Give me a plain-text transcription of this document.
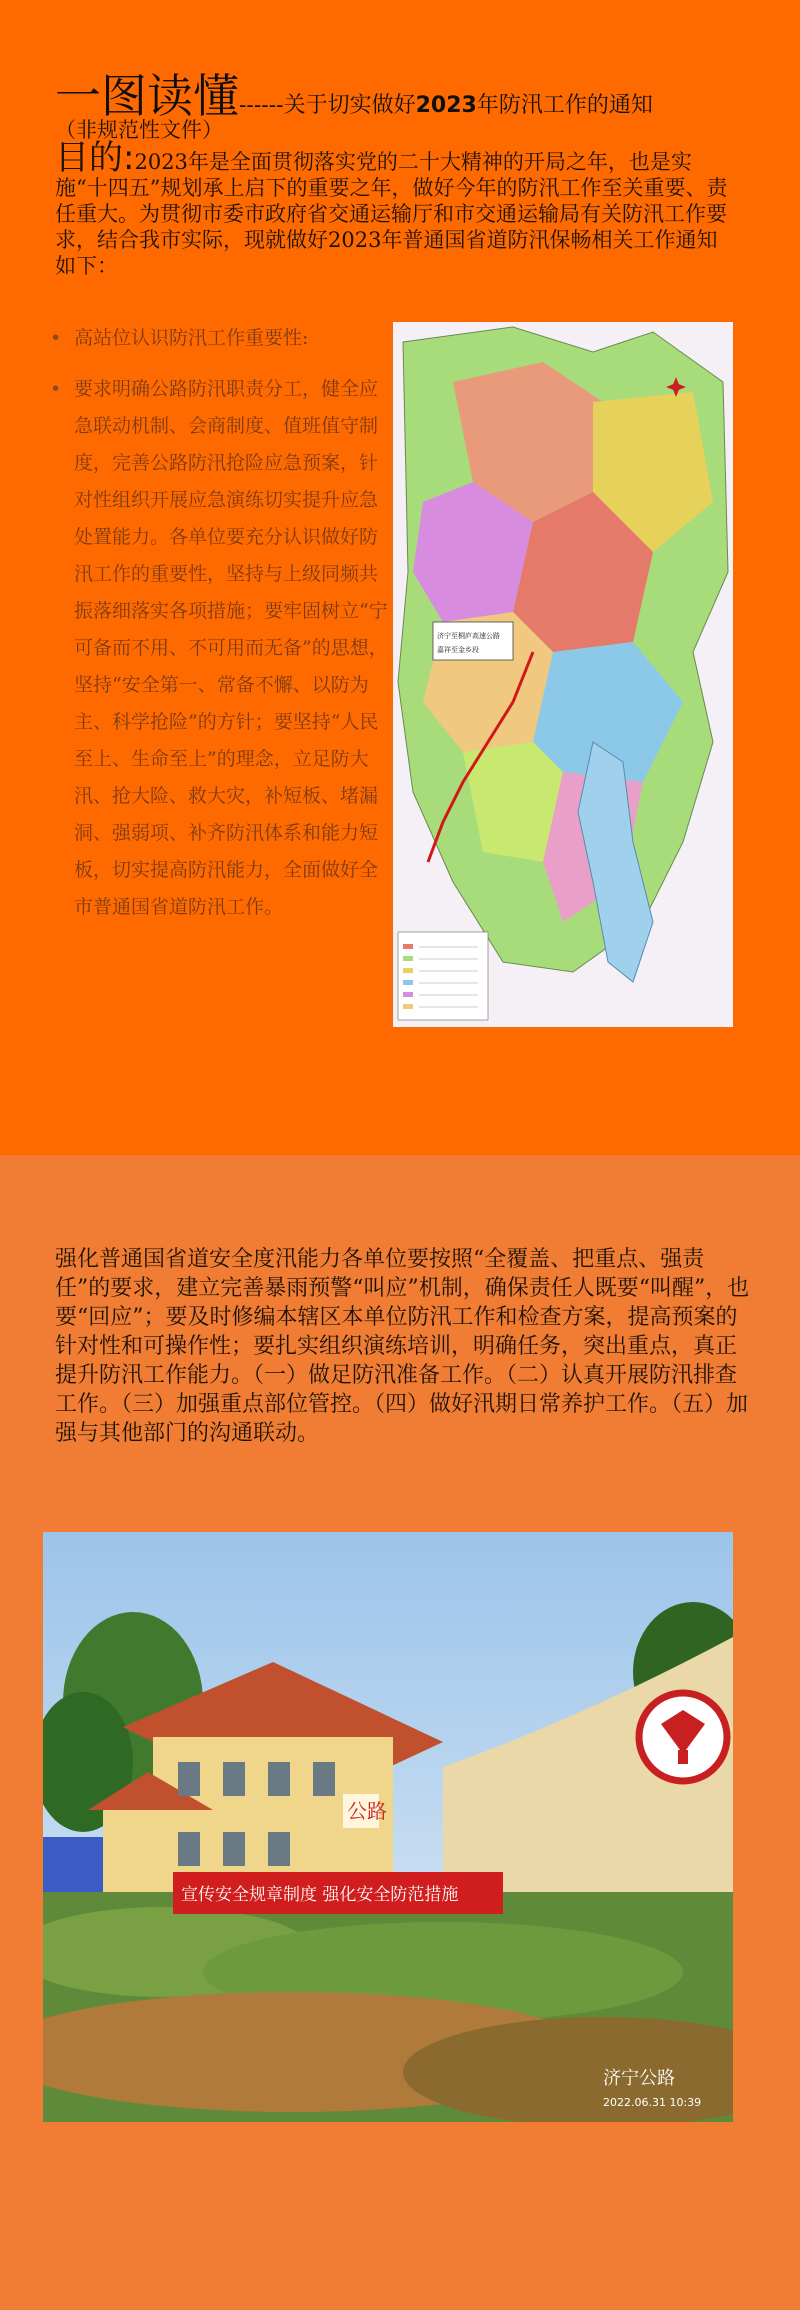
一图读懂------关于切实做好2023年防汛工作的通知
（非规范性文件）
目的:2023年是全面贯彻落实党的二十大精神的开局之年，也是实施“十四五”规划承上启下的重要之年，做好今年的防汛工作至关重要、责任重大。为贯彻市委市政府省交通运输厅和市交通运输局有关防汛工作要求，结合我市实际，现就做好2023年普通国省道防汛保畅相关工作通知如下：
• 高站位认识防汛工作重要性:
• 要求明确公路防汛职责分工，健全应急联动机制、会商制度、值班值守制度，完善公路防汛抢险应急预案，针对性组织开展应急演练切实提升应急处置能力。各单位要充分认识做好防汛工作的重要性，坚持与上级同频共振落细落实各项措施；要牢固树立“宁可备而不用、不可用而无备”的思想，坚持“安全第一、常备不懈、以防为主、科学抢险”的方针；要坚持“人民至上、生命至上”的理念，立足防大汛、抢大险、救大灾，补短板、堵漏洞、强弱项、补齐防汛体系和能力短板，切实提高防汛能力，全面做好全市普通国省道防汛工作。
济宁至桐庐高速公路
嘉祥至金乡段
强化普通国省道安全度汛能力各单位要按照“全覆盖、把重点、强责任”的要求，建立完善暴雨预警“叫应”机制，确保责任人既要“叫醒”，也要“回应”；要及时修编本辖区本单位防汛工作和检查方案，提高预案的针对性和可操作性；要扎实组织演练培训，明确任务，突出重点，真正提升防汛工作能力。（一）做足防汛准备工作。（二）认真开展防汛排查工作。（三）加强重点部位管控。（四）做好汛期日常养护工作。（五）加强与其他部门的沟通联动。
公路
宣传安全规章制度 强化安全防范措施
济宁公路
2022.06.31 10:39
